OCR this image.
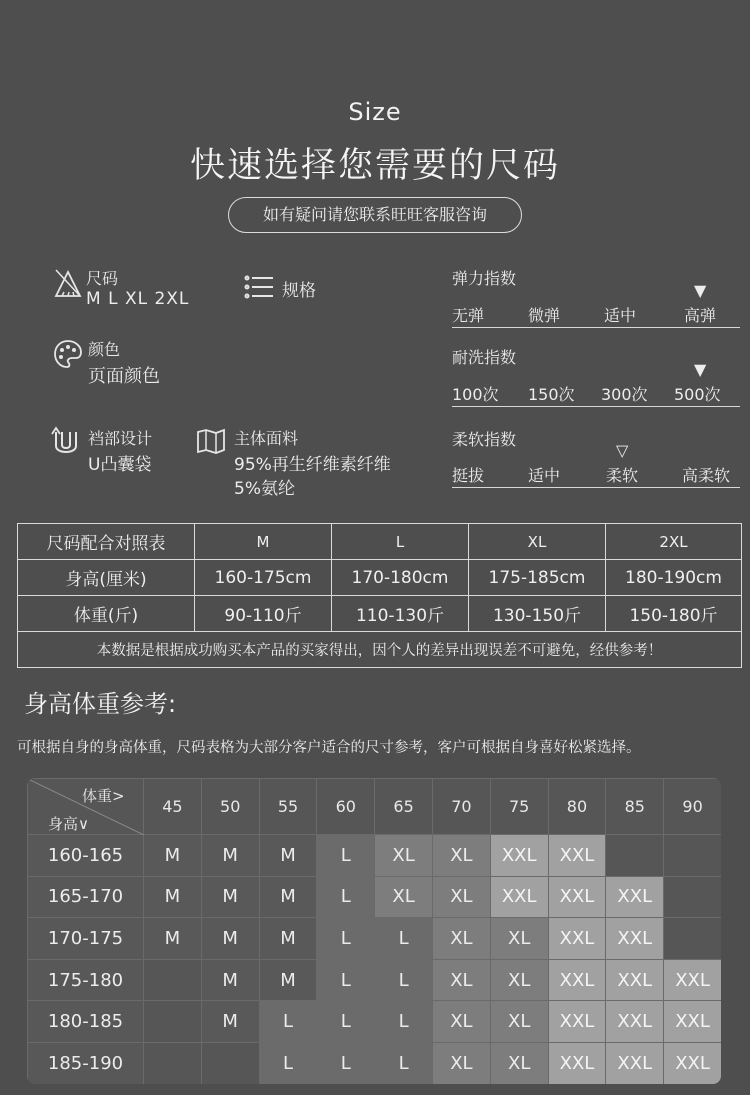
Size
快速选择您需要的尺码
如有疑问请您联系旺旺客服咨询
尺码
M L XL 2XL	规格
颜色
页面颜色
裆部设计
U凸囊袋
主体面料
95%再生纤维素纤维
5%氨纶
弹力指数
无弹	微弹	适中	高弹
▼
耐洗指数
100次 150次 300次 500次
▼
柔软指数
挺拔	适中	柔软	高柔软
▽
尺码配合对照表	M	L	XL	2XL
身高(厘米)	160-175cm	170-180cm	175-185cm	180-190cm
体重(斤)	90-110斤	110-130斤	130-150斤	150-180斤
本数据是根据成功购买本产品的买家得出，因个人的差异出现误差不可避免，经供参考！				
身高体重参考:
可根据自身的身高体重，尺码表格为大部分客户适合的尺寸参考，客户可根据自身喜好松紧选择。
体重>
身高∨	45	50	55	60	65	70	75	80	85	90
160-165	M	M	M	L	XL	XL	XXL	XXL		
165-170	M	M	M	L	XL	XL	XXL	XXL	XXL	
170-175	M	M	M	L	L	XL	XL	XXL	XXL	
175-180		M	M	L	L	XL	XL	XXL	XXL	XXL
180-185		M	L	L	L	XL	XL	XXL	XXL	XXL
185-190			L	L	L	XL	XL	XXL	XXL	XXL
